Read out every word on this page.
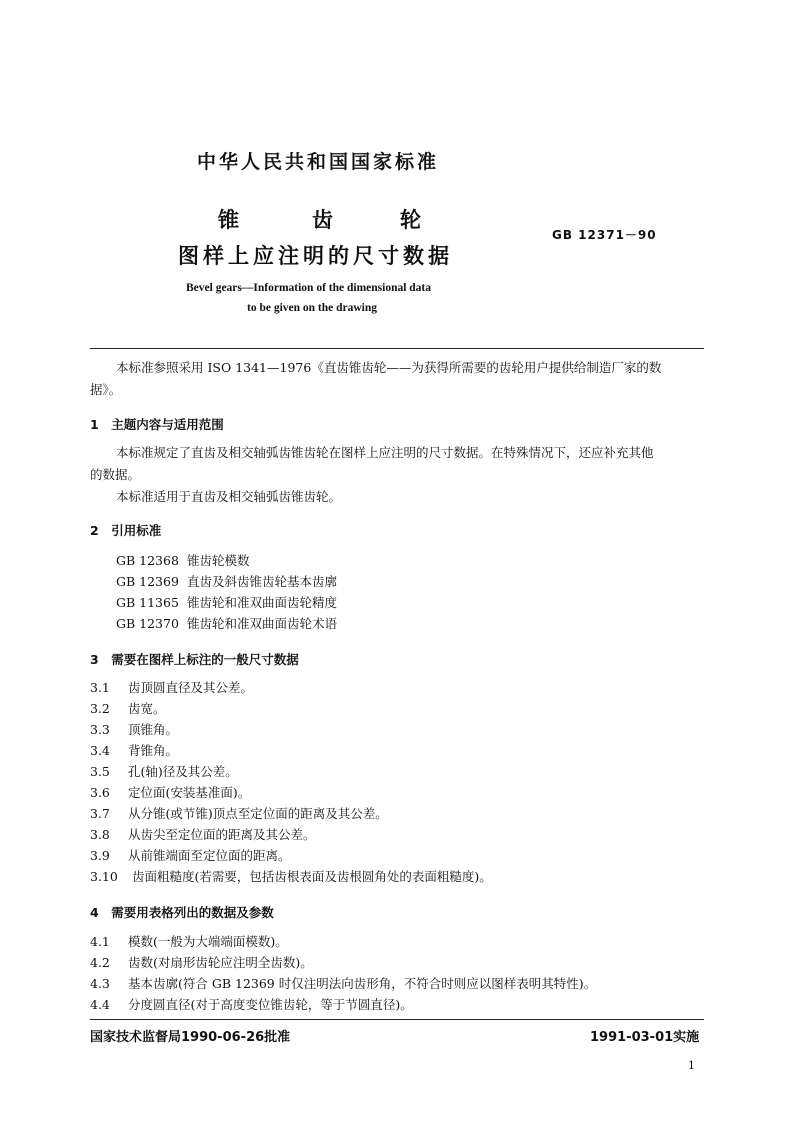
中华人民共和国国家标准
锥	齿	轮
图样上应注明的尺寸数据
GB 12371－90
Bevel gears—Information of the dimensional data
to be given on the drawing
本标准参照采用 ISO 1341—1976《直齿锥齿轮——为获得所需要的齿轮用户提供给制造厂家的数
据》。
1　主题内容与适用范围
本标准规定了直齿及相交轴弧齿锥齿轮在图样上应注明的尺寸数据。在特殊情况下，还应补充其他
的数据。
本标准适用于直齿及相交轴弧齿锥齿轮。
2　引用标准
GB 12368 锥齿轮模数
GB 12369 直齿及斜齿锥齿轮基本齿廓
GB 11365 锥齿轮和准双曲面齿轮精度
GB 12370 锥齿轮和准双曲面齿轮术语
3　需要在图样上标注的一般尺寸数据
3.1 齿顶圆直径及其公差。
3.2 齿宽。
3.3 顶锥角。
3.4 背锥角。
3.5 孔(轴)径及其公差。
3.6 定位面(安装基准面)。
3.7 从分锥(或节锥)顶点至定位面的距离及其公差。
3.8 从齿尖至定位面的距离及其公差。
3.9 从前锥端面至定位面的距离。
3.10 齿面粗糙度(若需要，包括齿根表面及齿根圆角处的表面粗糙度)。
4　需要用表格列出的数据及参数
4.1 模数(一般为大端端面模数)。
4.2 齿数(对扇形齿轮应注明全齿数)。
4.3 基本齿廓(符合 GB 12369 时仅注明法向齿形角，不符合时则应以图样表明其特性)。
4.4 分度圆直径(对于高度变位锥齿轮，等于节圆直径)。
国家技术监督局1990-06-26批准	1991-03-01实施
1
